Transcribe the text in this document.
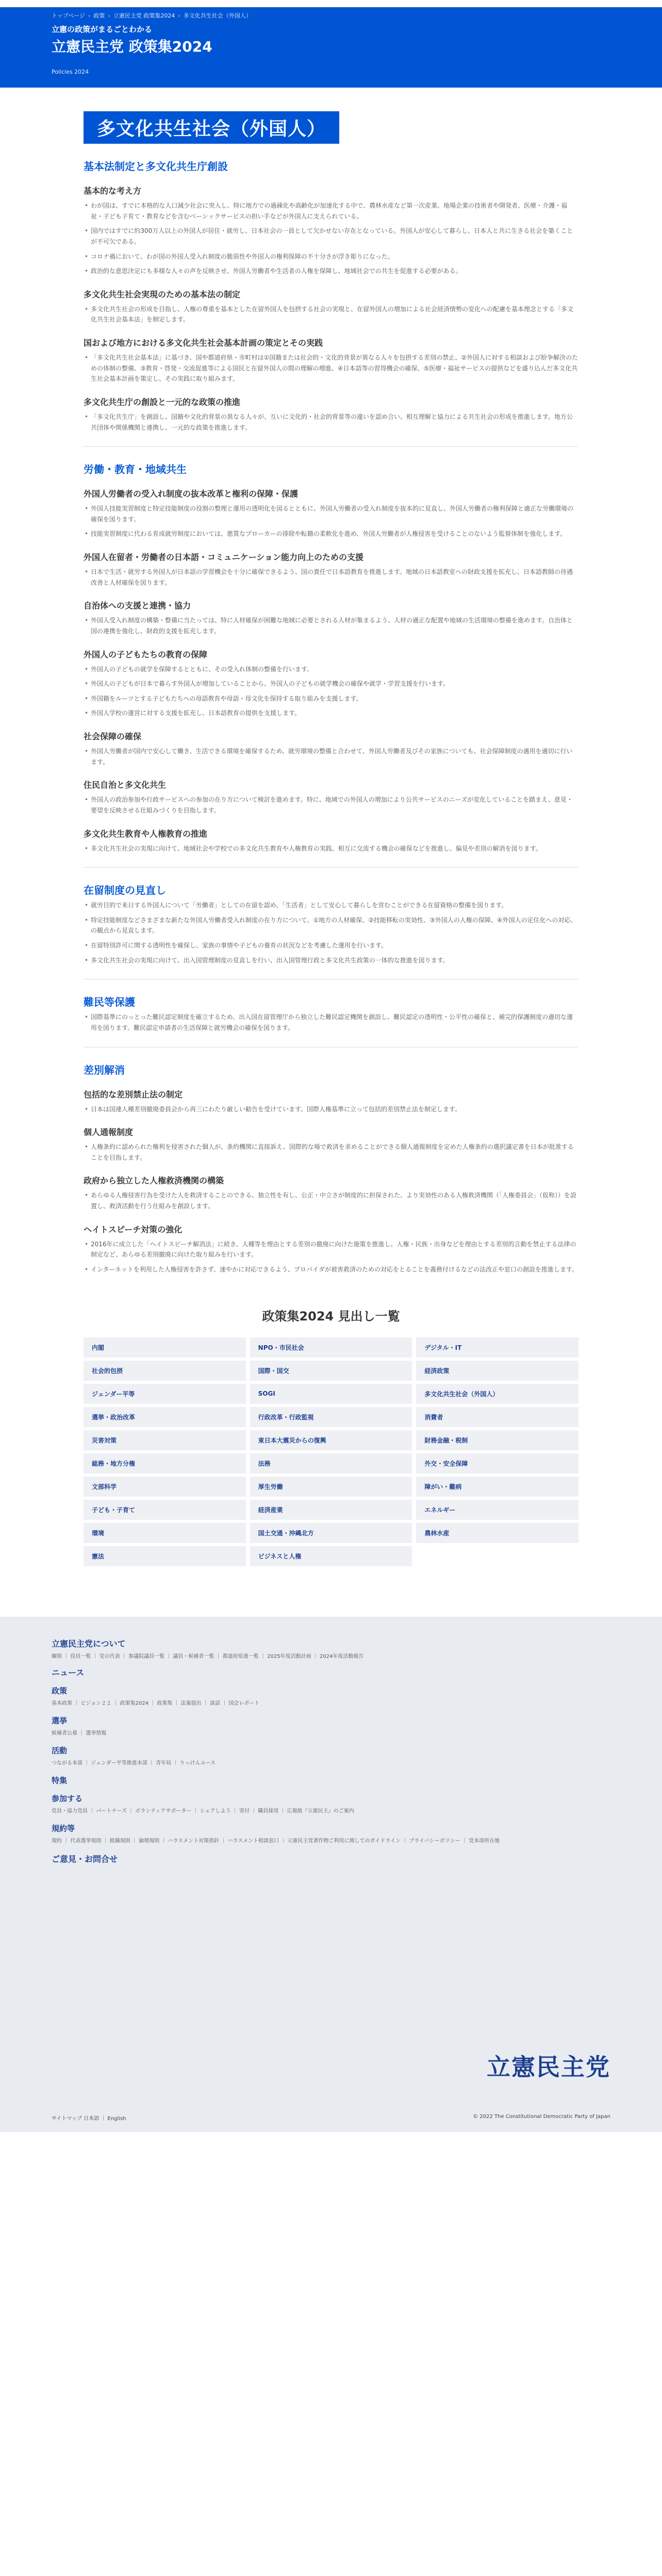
トップページ › 政策 › 立憲民主党 政策集2024 › 多文化共生社会（外国人）
立憲の政策がまるごとわかる
立憲民主党 政策集2024
Policies 2024
多文化共生社会（外国人）
基本法制定と多文化共生庁創設
基本的な考え方
• わが国は、すでに本格的な人口減少社会に突入し、特に地方での過疎化や高齢化が加速化する中で、農林水産など第一次産業、地場企業の技術者や開発者、医療・介護・福祉・子ども子育て・教育などを含むベーシックサービスの担い手などが外国人に支えられている。
• 国内ではすでに約300万人以上の外国人が居住・就労し、日本社会の一員として欠かせない存在となっている。外国人が安心して暮らし、日本人と共に生きる社会を築くことが不可欠である。
• コロナ禍において、わが国の外国人受入れ制度の脆弱性や外国人の権利保障の不十分さが浮き彫りになった。
• 政治的な意思決定にも多様な人々の声を反映させ、外国人労働者や生活者の人権を保障し、地域社会での共生を促進する必要がある。
多文化共生社会実現のための基本法の制定
• 多文化共生社会の形成を目指し、人権の尊重を基本とした在留外国人を包摂する社会の実現と、在留外国人の増加による社会経済情勢の変化への配慮を基本理念とする「多文化共生社会基本法」を制定します。
国および地方における多文化共生社会基本計画の策定とその実践
• 「多文化共生社会基本法」に基づき、国や都道府県・市町村は①国籍または社会的・文化的背景が異なる人々を包摂する差別の禁止、②外国人に対する相談および紛争解決のための体制の整備、③教育・啓発・交流促進等による国民と在留外国人の間の理解の増進、④日本語等の習得機会の確保、⑤医療・福祉サービスの提供などを盛り込んだ多文化共生社会基本計画を策定し、その実践に取り組みます。
多文化共生庁の創設と一元的な政策の推進
• 「多文化共生庁」を創設し、国籍や文化的背景の異なる人々が、互いに文化的・社会的背景等の違いを認め合い、相互理解と協力による共生社会の形成を推進します。地方公共団体や関係機関と連携し、一元的な政策を推進します。
労働・教育・地域共生
外国人労働者の受入れ制度の抜本改革と権利の保障・保護
• 外国人技能実習制度と特定技能制度の役割の整理と運用の透明化を図るとともに、外国人労働者の受入れ制度を抜本的に見直し、外国人労働者の権利保障と適正な労働環境の確保を図ります。
• 技能実習制度に代わる育成就労制度においては、悪質なブローカーの排除や転籍の柔軟化を進め、外国人労働者が人権侵害を受けることのないよう監督体制を強化します。
外国人在留者・労働者の日本語・コミュニケーション能力向上のための支援
• 日本で生活・就労する外国人が日本語の学習機会を十分に確保できるよう、国の責任で日本語教育を推進します。地域の日本語教室への財政支援を拡充し、日本語教師の待遇改善と人材確保を図ります。
自治体への支援と連携・協力
• 外国人受入れ制度の構築・整備に当たっては、特に人材確保が困難な地域に必要とされる人材が集まるよう、人材の適正な配置や地域の生活環境の整備を進めます。自治体と国の連携を強化し、財政的支援を拡充します。
外国人の子どもたちの教育の保障
• 外国人の子どもの就学を保障するとともに、その受入れ体制の整備を行います。
• 外国人の子どもが日本で暮らす外国人が増加していることから、外国人の子どもの就学機会の確保や就学・学習支援を行います。
• 外国籍をルーツとする子どもたちへの母語教育や母語・母文化を保持する取り組みを支援します。
• 外国人学校の運営に対する支援を拡充し、日本語教育の提供を支援します。
社会保障の確保
• 外国人労働者が国内で安心して働き、生活できる環境を確保するため、就労環境の整備と合わせて、外国人労働者及びその家族についても、社会保障制度の適用を適切に行います。
住民自治と多文化共生
• 外国人の政治参加や行政サービスへの参加の在り方について検討を進めます。特に、地域での外国人の増加により公共サービスのニーズが変化していることを踏まえ、意見・要望を反映させる仕組みづくりを目指します。
多文化共生教育や人権教育の推進
• 多文化共生社会の実現に向けて、地域社会や学校での多文化共生教育や人権教育の実践、相互に交流する機会の確保などを推進し、偏見や差別の解消を図ります。
在留制度の見直し
• 就労目的で来日する外国人について「労働者」としての在留を認め、「生活者」として安心して暮らしを営むことができる在留資格の整備を図ります。
• 特定技能制度などさまざまな新たな外国人労働者受入れ制度の在り方について、①地方の人材確保、②技能移転の実効性、③外国人の人権の保障、④外国人の定住化への対応、の観点から見直します。
• 在留特別許可に関する透明性を確保し、家族の事情や子どもの養育の状況などを考慮した運用を行います。
• 多文化共生社会の実現に向けて、出入国管理制度の見直しを行い、出入国管理行政と多文化共生政策の一体的な推進を図ります。
難民等保護
• 国際基準にのっとった難民認定制度を確立するため、出入国在留管理庁から独立した難民認定機関を創設し、難民認定の透明性・公平性の確保と、補完的保護制度の適切な運用を図ります。難民認定申請者の生活保障と就労機会の確保を図ります。
差別解消
包括的な差別禁止法の制定
• 日本は国連人種差別撤廃委員会から再三にわたり厳しい勧告を受けています。国際人権基準に立って包括的差別禁止法を制定します。
個人通報制度
• 人権条約に認められた権利を侵害された個人が、条約機関に直接訴え、国際的な場で救済を求めることができる個人通報制度を定めた人権条約の選択議定書を日本が批准することを目指します。
政府から独立した人権救済機関の構築
• あらゆる人権侵害行為を受けた人を救済することのできる、独立性を有し、公正・中立さが制度的に担保された、より実効性のある人権救済機関（「人権委員会」（仮称））を設置し、救済活動を行う仕組みを創設します。
ヘイトスピーチ対策の強化
• 2016年に成立した「ヘイトスピーチ解消法」に続き、人種等を理由とする差別の撤廃に向けた施策を推進し、人権・民族・出身などを理由とする差別的言動を禁止する法律の制定など、あらゆる差別撤廃に向けた取り組みを行います。
• インターネットを利用した人権侵害を許さず、速やかに対応できるよう、プロバイダが被害救済のための対応をとることを義務付けるなどの法改正や窓口の創設を推進します。
政策集2024 見出し一覧
内閣	NPO・市民社会	デジタル・IT
社会的包摂	国際・国交	経済政策
ジェンダー平等	SOGI	多文化共生社会（外国人）
選挙・政治改革	行政改革・行政監視	消費者
災害対策	東日本大震災からの復興	財務金融・税制
総務・地方分権	法務	外交・安全保障
文部科学	厚生労働	障がい・難病
子ども・子育て	経済産業	エネルギー
環境	国土交通・沖縄北方	農林水産
憲法	ビジネスと人権
立憲民主党について
綱領 ｜ 役員一覧 ｜ 党の代表 ｜ 参議院議員一覧 ｜ 議員・候補者一覧 ｜ 都道府県連一覧 ｜ 2025年度活動計画 ｜ 2024年度活動報告
ニュース
政策
基本政策 ｜ ビジョン２２ ｜ 政策集2024 ｜ 政策集 ｜ 法案提出 ｜ 談話 ｜ 国会レポート
選挙
候補者公募 ｜ 選挙情報
活動
つながる本部 ｜ ジェンダー平等推進本部 ｜ 青年局 ｜ りっけんユース
特集
参加する
党員・協力党員 ｜ パートナーズ ｜ ボランティアサポーター ｜ シェアしよう ｜ 寄付 ｜ 職員採用 ｜ 広報紙『立憲民主』のご案内
規約等
規約 ｜ 代表選挙規則 ｜ 組織規則 ｜ 倫理規則 ｜ ハラスメント対策指針 ｜ ハラスメント相談窓口 ｜ 立憲民主党著作物ご利用に関してのガイドライン ｜ プライバシーポリシー ｜ 党本部所在地
ご意見・お問合せ
立憲民主党
サイトマップ 日本語 ｜ English	© 2022 The Constitutional Democratic Party of Japan
